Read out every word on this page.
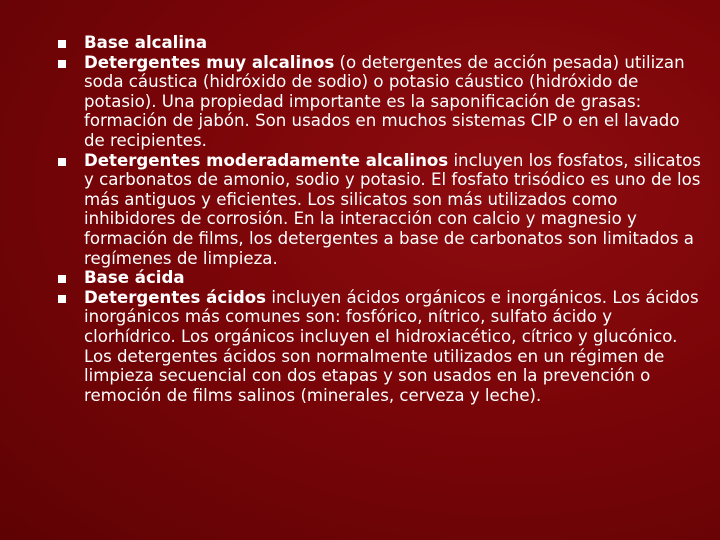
Base alcalina
Detergentes muy alcalinos (o detergentes de acción pesada) utilizan soda cáustica (hidróxido de sodio) o potasio cáustico (hidróxido de potasio). Una propiedad importante es la saponificación de grasas: formación de jabón. Son usados en muchos sistemas CIP o en el lavado de recipientes.
Detergentes moderadamente alcalinos incluyen los fosfatos, silicatos y carbonatos de amonio, sodio y potasio. El fosfato trisódico es uno de los más antiguos y eficientes. Los silicatos son más utilizados como inhibidores de corrosión. En la interacción con calcio y magnesio y formación de films, los detergentes a base de carbonatos son limitados a regímenes de limpieza.
Base ácida
Detergentes ácidos incluyen ácidos orgánicos e inorgánicos. Los ácidos inorgánicos más comunes son: fosfórico, nítrico, sulfato ácido y clorhídrico. Los orgánicos incluyen el hidroxiacético, cítrico y glucónico. Los detergentes ácidos son normalmente utilizados en un régimen de limpieza secuencial con dos etapas y son usados en la prevención o remoción de films salinos (minerales, cerveza y leche).
